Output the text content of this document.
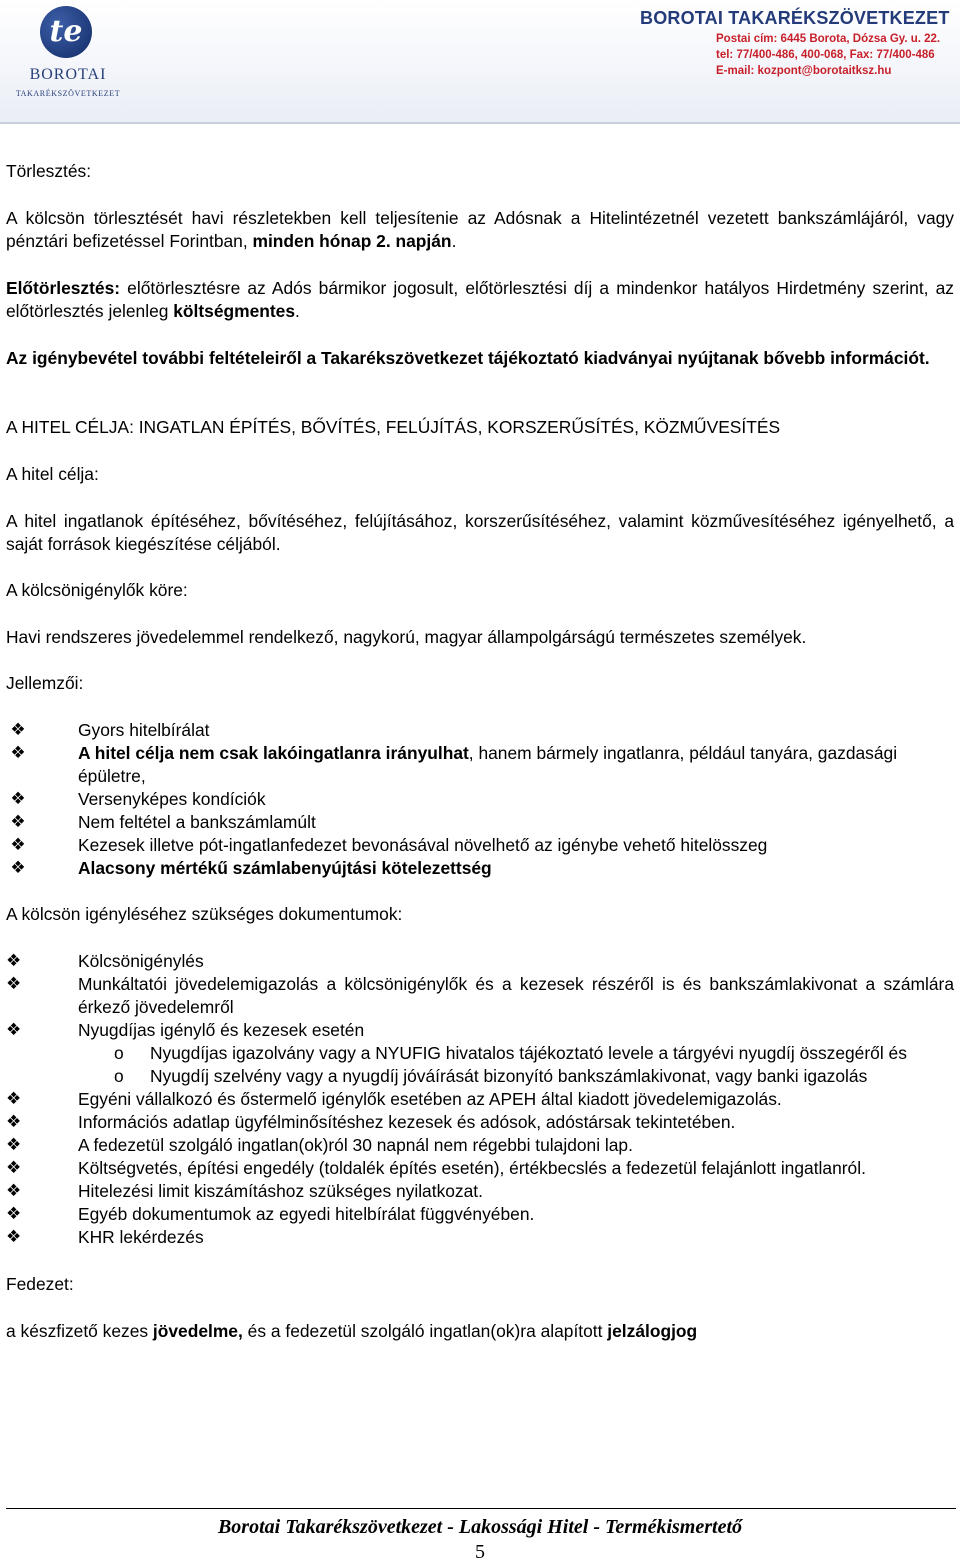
te
BOROTAI
TAKARÉKSZÖVETKEZET
BOROTAI TAKARÉKSZÖVETKEZET
Postai cím: 6445 Borota, Dózsa Gy. u. 22.
tel: 77/400-486, 400-068, Fax: 77/400-486
E-mail: kozpont@borotaitksz.hu

Törlesztés:

A kölcsön törlesztését havi részletekben kell teljesítenie az Adósnak a Hitelintézetnél vezetett bankszámlájáról, vagy pénztári befizetéssel Forintban, minden hónap 2. napján.

Előtörlesztés: előtörlesztésre az Adós bármikor jogosult, előtörlesztési díj a mindenkor hatályos Hirdetmény szerint, az előtörlesztés jelenleg költségmentes.

Az igénybevétel további feltételeiről a Takarékszövetkezet tájékoztató kiadványai nyújtanak bővebb információt.

A HITEL CÉLJA: INGATLAN ÉPÍTÉS, BŐVÍTÉS, FELÚJÍTÁS, KORSZERŰSÍTÉS, KÖZMŰVESÍTÉS

A hitel célja:

A hitel ingatlanok építéséhez, bővítéséhez, felújításához, korszerűsítéséhez, valamint közművesítéséhez igényelhető, a saját források kiegészítése céljából.

A kölcsönigénylők köre:

Havi rendszeres jövedelemmel rendelkező, nagykorú, magyar állampolgárságú természetes személyek.

Jellemzői:

❖	Gyors hitelbírálat
❖	A hitel célja nem csak lakóingatlanra irányulhat, hanem bármely ingatlanra, például tanyára, gazdasági épületre,
❖	Versenyképes kondíciók
❖	Nem feltétel a bankszámlamúlt
❖	Kezesek illetve pót-ingatlanfedezet bevonásával növelhető az igénybe vehető hitelösszeg
❖	Alacsony mértékű számlabenyújtási kötelezettség

A kölcsön igényléséhez szükséges dokumentumok:

❖	Kölcsönigénylés
❖	Munkáltatói jövedelemigazolás a kölcsönigénylők és a kezesek részéről is és bankszámlakivonat a számlára érkező jövedelemről
❖	Nyugdíjas igénylő és kezesek esetén
o Nyugdíjas igazolvány vagy a NYUFIG hivatalos tájékoztató levele a tárgyévi nyugdíj összegéről és
o Nyugdíj szelvény vagy a nyugdíj jóváírását bizonyító bankszámlakivonat, vagy banki igazolás
❖	Egyéni vállalkozó és őstermelő igénylők esetében az APEH által kiadott jövedelemigazolás.
❖	Információs adatlap ügyfélminősítéshez kezesek és adósok, adóstársak tekintetében.
❖	A fedezetül szolgáló ingatlan(ok)ról 30 napnál nem régebbi tulajdoni lap.
❖	Költségvetés, építési engedély (toldalék építés esetén), értékbecslés a fedezetül felajánlott ingatlanról.
❖	Hitelezési limit kiszámításhoz szükséges nyilatkozat.
❖	Egyéb dokumentumok az egyedi hitelbírálat függvényében.
❖	KHR lekérdezés

Fedezet:

a készfizető kezes jövedelme, és a fedezetül szolgáló ingatlan(ok)ra alapított jelzálogjog

Borotai Takarékszövetkezet - Lakossági Hitel - Termékismertető
5
